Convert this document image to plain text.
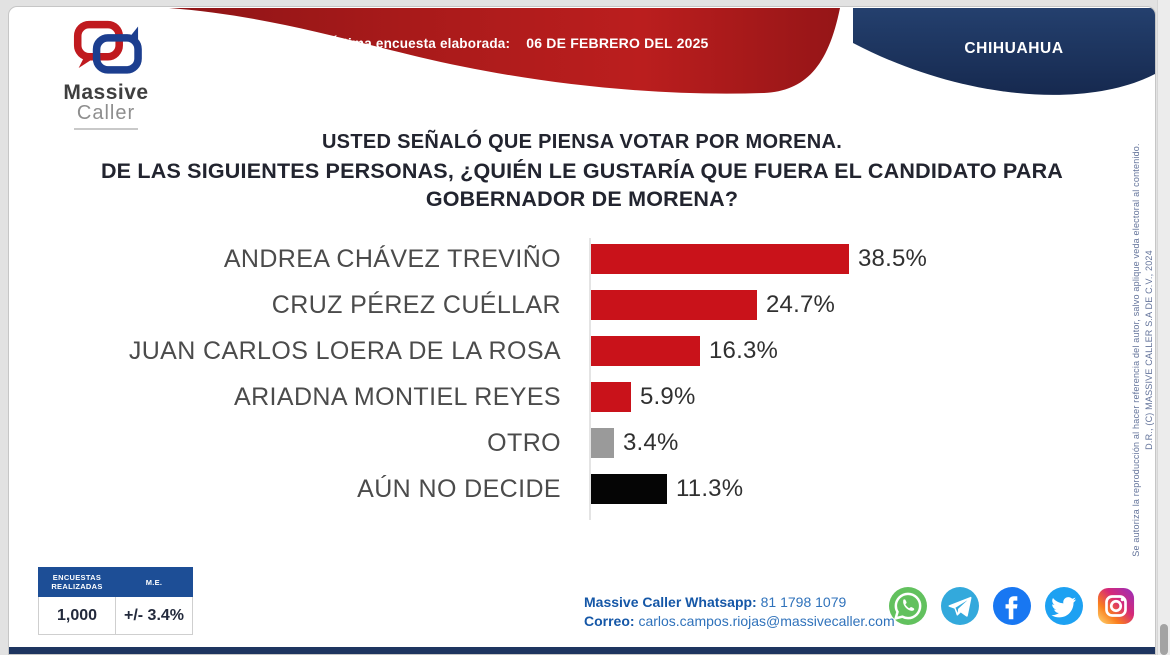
Última encuesta elaborada: 06 DE FEBRERO DEL 2025	CHIHUAHUA
Massive
Caller
USTED SEÑALÓ QUE PIENSA VOTAR POR MORENA.
DE LAS SIGUIENTES PERSONAS, ¿QUIÉN LE GUSTARÍA QUE FUERA EL CANDIDATO PARA GOBERNADOR DE MORENA?
ANDREA CHÁVEZ TREVIÑO	38.5%
CRUZ PÉREZ CUÉLLAR	24.7%
JUAN CARLOS LOERA DE LA ROSA	16.3%
ARIADNA MONTIEL REYES	5.9%
OTRO	3.4%
AÚN NO DECIDE	11.3%
ENCUESTAS REALIZADAS	M.E.
1,000	+/- 3.4%
Massive Caller Whatsapp: 81 1798 1079
Correo: carlos.campos.riojas@massivecaller.com
Se autoriza la reproducción al hacer referencia del autor, salvo aplique veda electoral al contenido. D.R., (C) MASSIVE CALLER S.A DE C.V., 2024
